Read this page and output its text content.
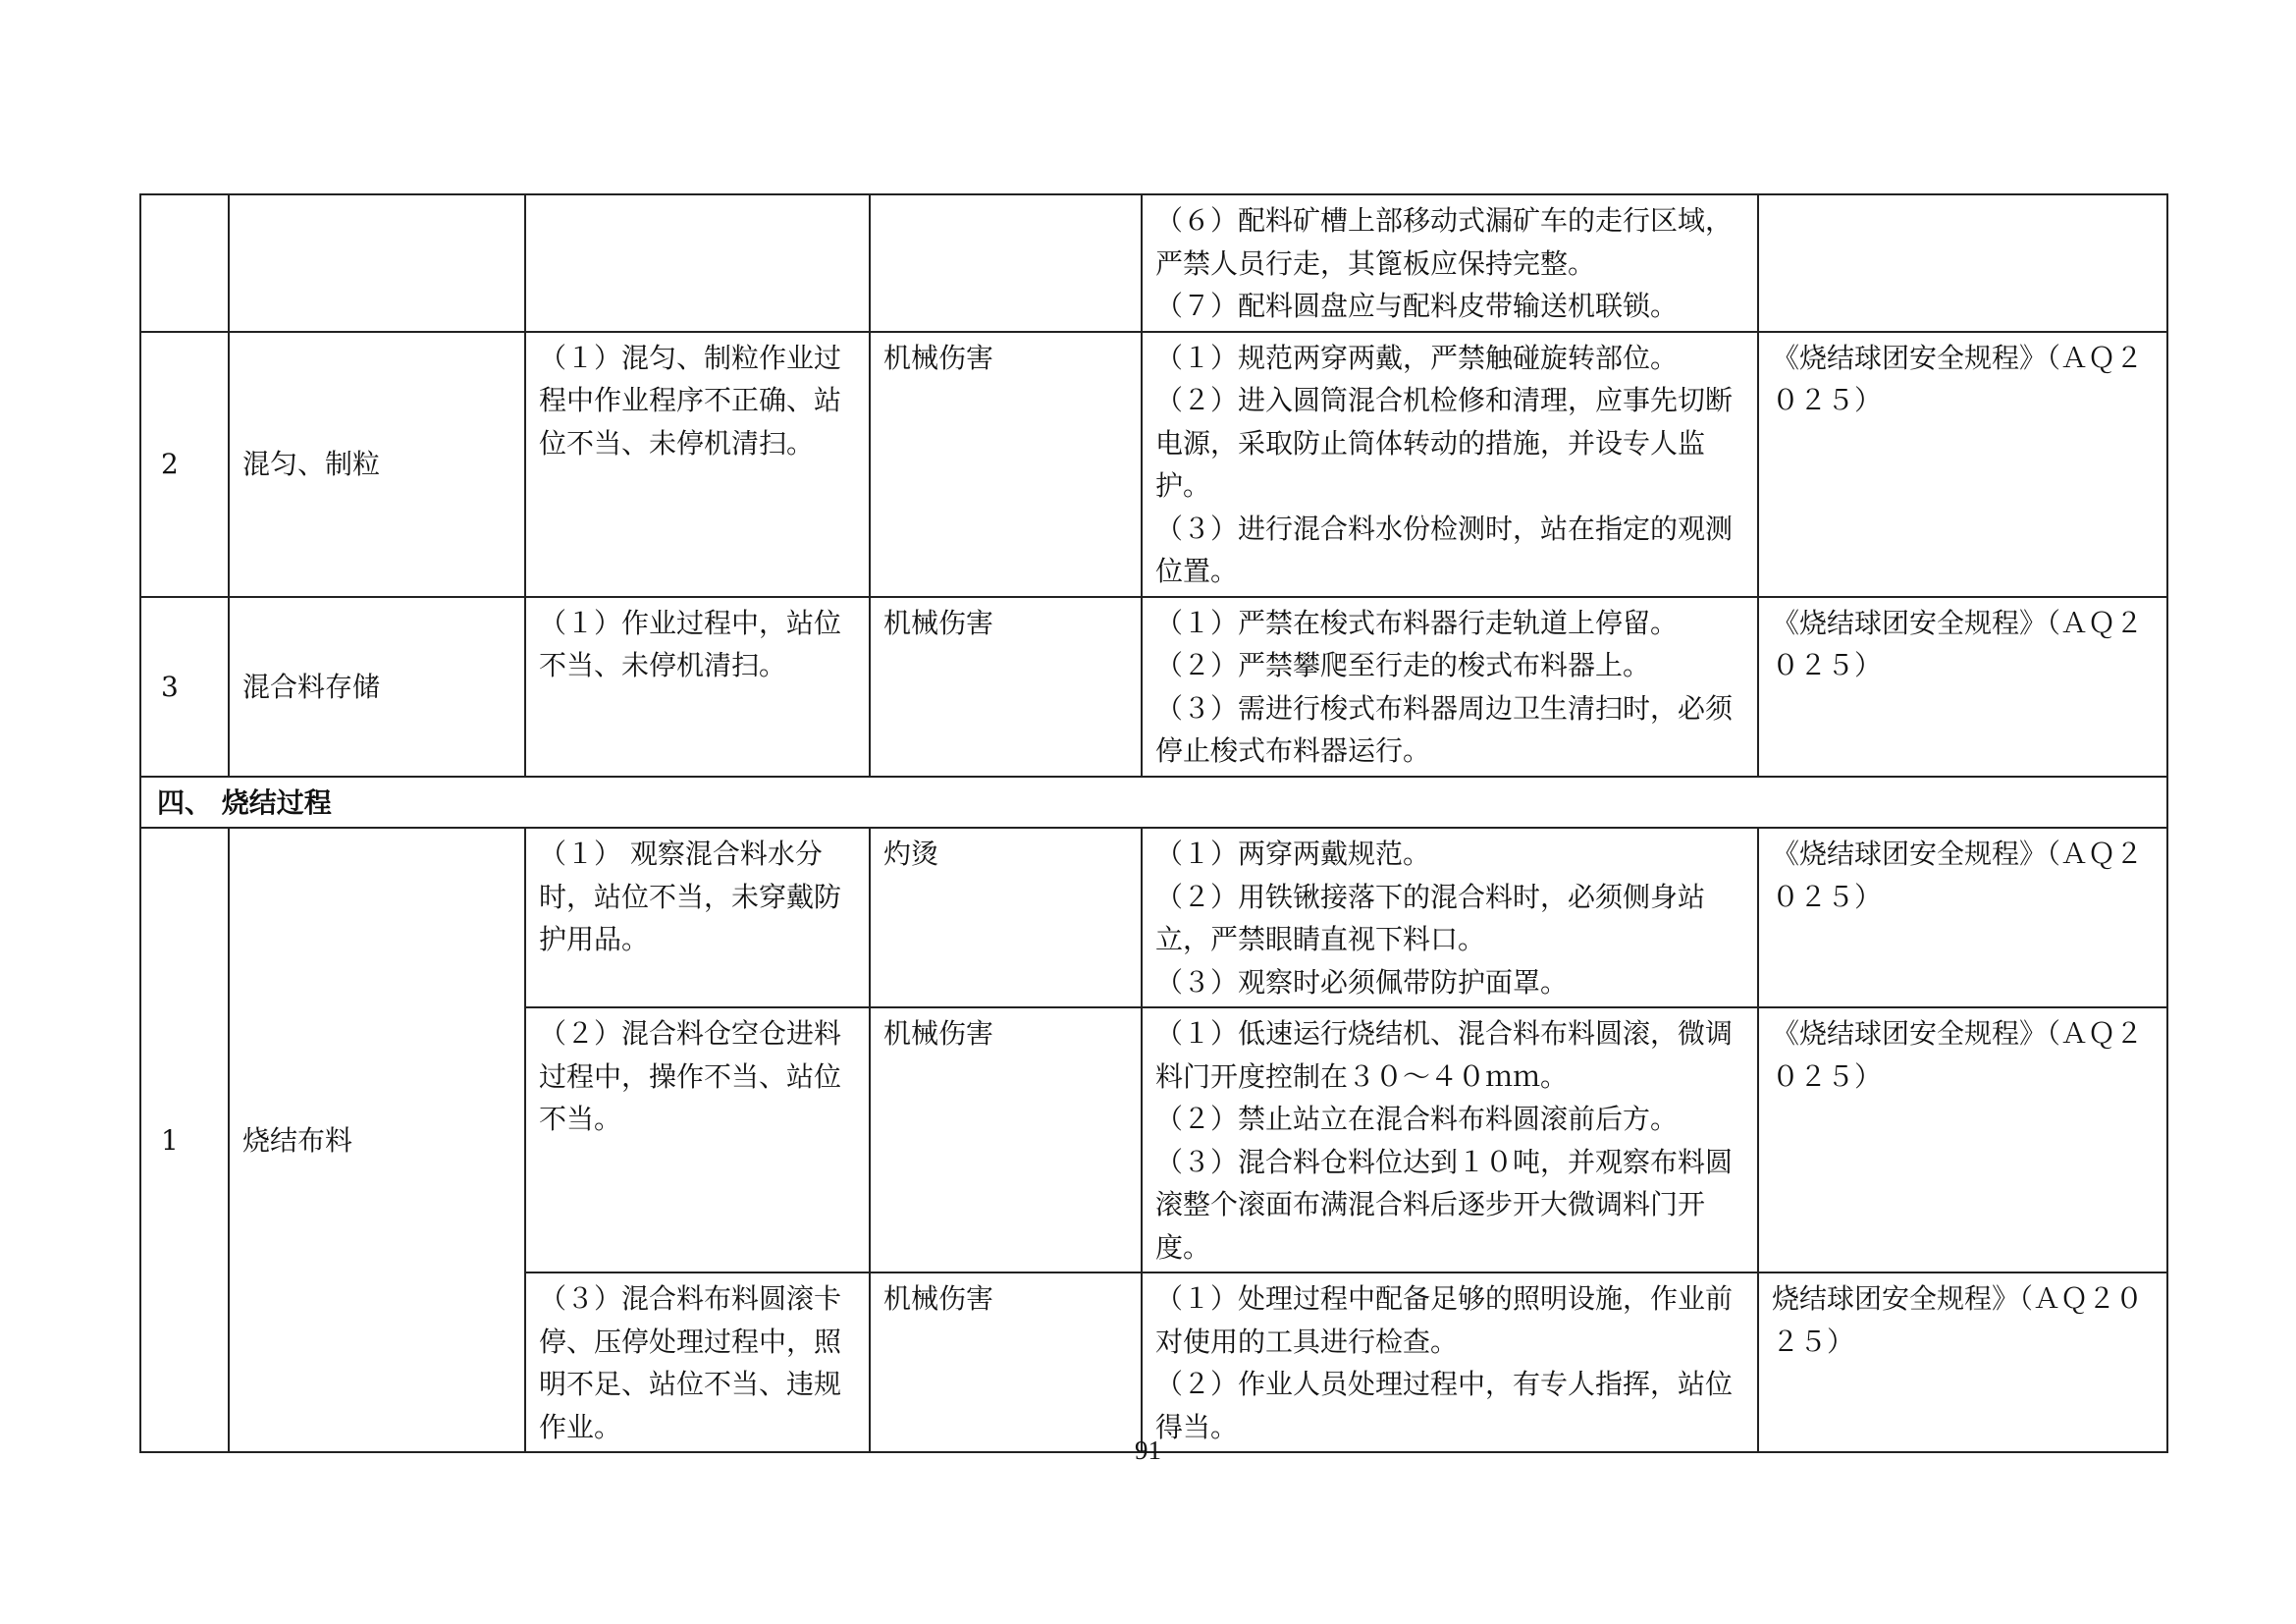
				（６）配料矿槽上部移动式漏矿车的走行区域，严禁人员行走，其篦板应保持完整。
（７）配料圆盘应与配料皮带输送机联锁。	

2	混匀、制粒	（１）混匀、制粒作业过程中作业程序不正确、站位不当、未停机清扫。	机械伤害	（１）规范两穿两戴，严禁触碰旋转部位。
（２）进入圆筒混合机检修和清理，应事先切断电源，采取防止筒体转动的措施，并设专人监护。
（３）进行混合料水份检测时，站在指定的观测位置。	《烧结球团安全规程》（ＡＱ２０２５）
3	混合料存储	（１）作业过程中，站位不当、未停机清扫。	机械伤害	（１）严禁在梭式布料器行走轨道上停留。
（２）严禁攀爬至行走的梭式布料器上。
（３）需进行梭式布料器周边卫生清扫时，必须停止梭式布料器运行。	《烧结球团安全规程》（ＡＱ２０２５）
四、 烧结过程					
1	烧结布料	（１） 观察混合料水分时，站位不当，未穿戴防护用品。	灼烫	（１）两穿两戴规范。
（２）用铁锹接落下的混合料时，必须侧身站立，严禁眼睛直视下料口。
（３）观察时必须佩带防护面罩。	《烧结球团安全规程》（ＡＱ２０２５）
		（２）混合料仓空仓进料过程中，操作不当、站位不当。	机械伤害	（１）低速运行烧结机、混合料布料圆滚，微调料门开度控制在３０～４０ｍｍ。
（２）禁止站立在混合料布料圆滚前后方。
（３）混合料仓料位达到１０吨，并观察布料圆滚整个滚面布满混合料后逐步开大微调料门开度。	《烧结球团安全规程》（ＡＱ２０２５）
		（３）混合料布料圆滚卡停、压停处理过程中，照明不足、站位不当、违规作业。	机械伤害	（１）处理过程中配备足够的照明设施，作业前对使用的工具进行检查。
（２）作业人员处理过程中，有专人指挥，站位得当。	烧结球团安全规程》（ＡＱ２０２５）
91
